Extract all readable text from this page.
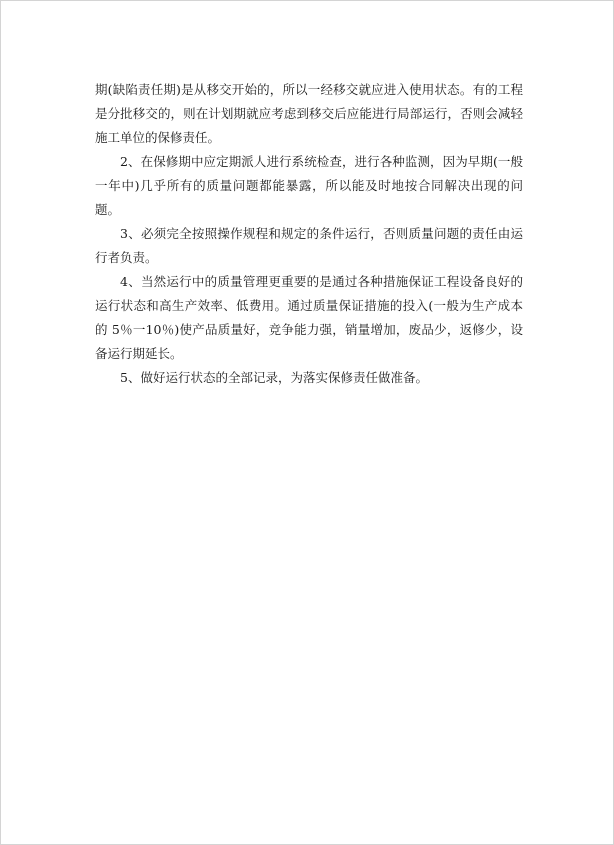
期(缺陷责任期)是从移交开始的，所以一经移交就应进入使用状态。有的工程是分批移交的，则在计划期就应考虑到移交后应能进行局部运行，否则会减轻施工单位的保修责任。

2、在保修期中应定期派人进行系统检查，进行各种监测，因为早期(一般一年中)几乎所有的质量问题都能暴露，所以能及时地按合同解决出现的问题。

3、必须完全按照操作规程和规定的条件运行，否则质量问题的责任由运行者负责。

4、当然运行中的质量管理更重要的是通过各种措施保证工程设备良好的运行状态和高生产效率、低费用。通过质量保证措施的投入(一般为生产成本的 5％一10％)使产品质量好，竞争能力强，销量增加，废品少，返修少，设备运行期延长。

5、做好运行状态的全部记录，为落实保修责任做准备。
